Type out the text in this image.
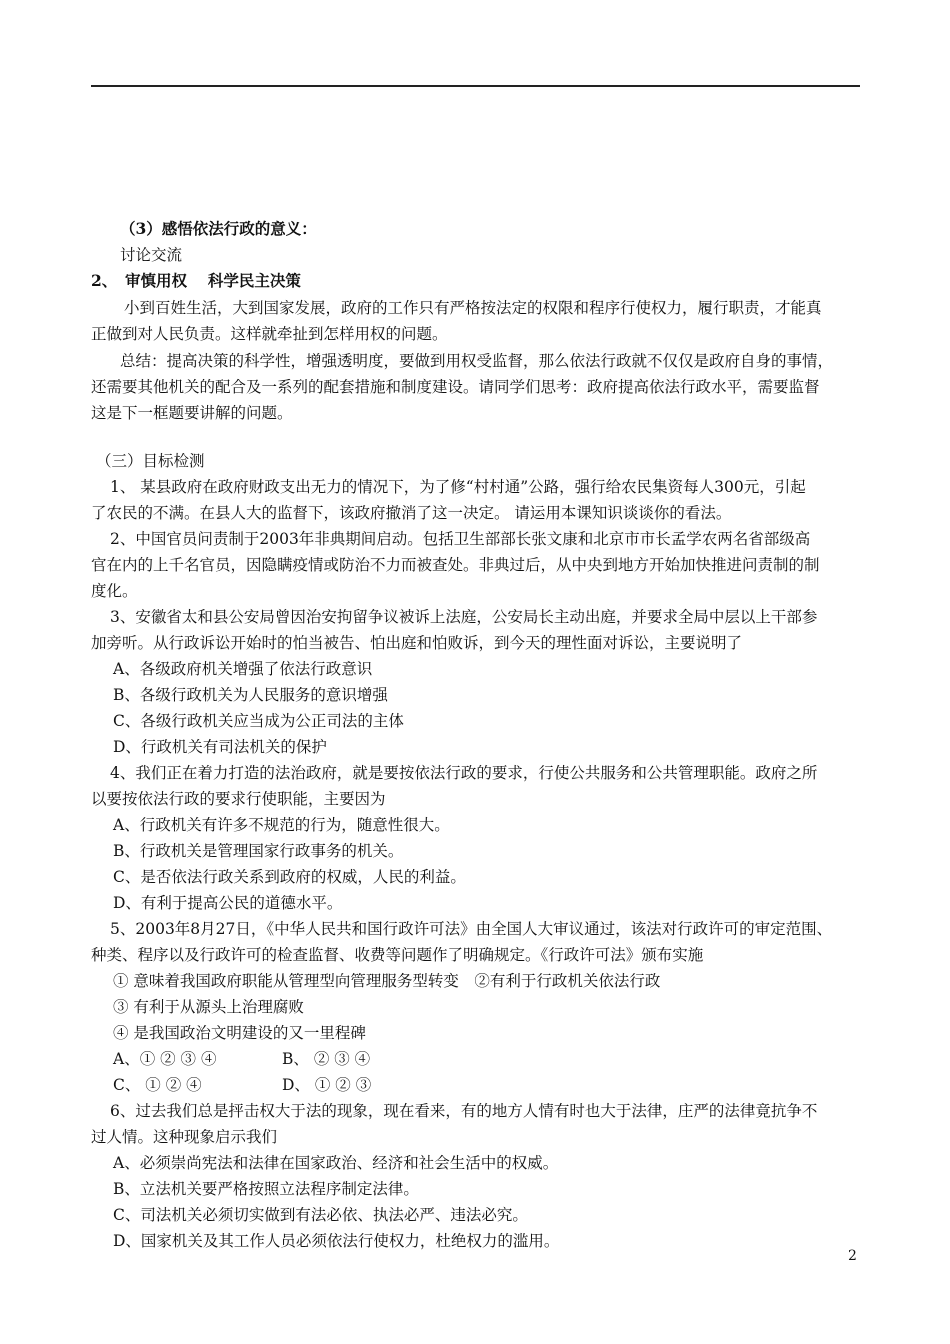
（3）感悟依法行政的意义：
讨论交流
2、　审慎用权　 科学民主决策
小到百姓生活，大到国家发展，政府的工作只有严格按法定的权限和程序行使权力，履行职责，才能真
正做到对人民负责。这样就牵扯到怎样用权的问题。
总结：提高决策的科学性，增强透明度，要做到用权受监督，那么依法行政就不仅仅是政府自身的事情，
还需要其他机关的配合及一系列的配套措施和制度建设。请同学们思考：政府提高依法行政水平，需要监督
这是下一框题要讲解的问题。
（三）目标检测
1、 某县政府在政府财政支出无力的情况下，为了修“村村通”公路，强行给农民集资每人300元，引起
了农民的不满。在县人大的监督下，该政府撤消了这一决定。 请运用本课知识谈谈你的看法。
2、中国官员问责制于2003年非典期间启动。包括卫生部部长张文康和北京市市长孟学农两名省部级高
官在内的上千名官员，因隐瞒疫情或防治不力而被查处。非典过后，从中央到地方开始加快推进问责制的制
度化。
3、安徽省太和县公安局曾因治安拘留争议被诉上法庭，公安局长主动出庭，并要求全局中层以上干部参
加旁听。从行政诉讼开始时的怕当被告、怕出庭和怕败诉，到今天的理性面对诉讼，主要说明了
A、各级政府机关增强了依法行政意识
B、各级行政机关为人民服务的意识增强
C、各级行政机关应当成为公正司法的主体
D、行政机关有司法机关的保护
4、我们正在着力打造的法治政府，就是要按依法行政的要求，行使公共服务和公共管理职能。政府之所
以要按依法行政的要求行使职能，主要因为
A、行政机关有许多不规范的行为，随意性很大。
B、行政机关是管理国家行政事务的机关。
C、是否依法行政关系到政府的权威，人民的利益。
D、有利于提高公民的道德水平。
5、2003年8月27日，《中华人民共和国行政许可法》由全国人大审议通过，该法对行政许可的审定范围、
种类、程序以及行政许可的检查监督、收费等问题作了明确规定。《行政许可法》颁布实施
① 意味着我国政府职能从管理型向管理服务型转变　②有利于行政机关依法行政
③ 有利于从源头上治理腐败
④ 是我国政治文明建设的又一里程碑
A、① ② ③ ④	B、 ② ③ ④
C、 ① ② ④	D、 ① ② ③
6、过去我们总是抨击权大于法的现象，现在看来，有的地方人情有时也大于法律，庄严的法律竟抗争不
过人情。这种现象启示我们
A、必须崇尚宪法和法律在国家政治、经济和社会生活中的权威。
B、立法机关要严格按照立法程序制定法律。
C、司法机关必须切实做到有法必依、执法必严、违法必究。
D、国家机关及其工作人员必须依法行使权力，杜绝权力的滥用。
2
